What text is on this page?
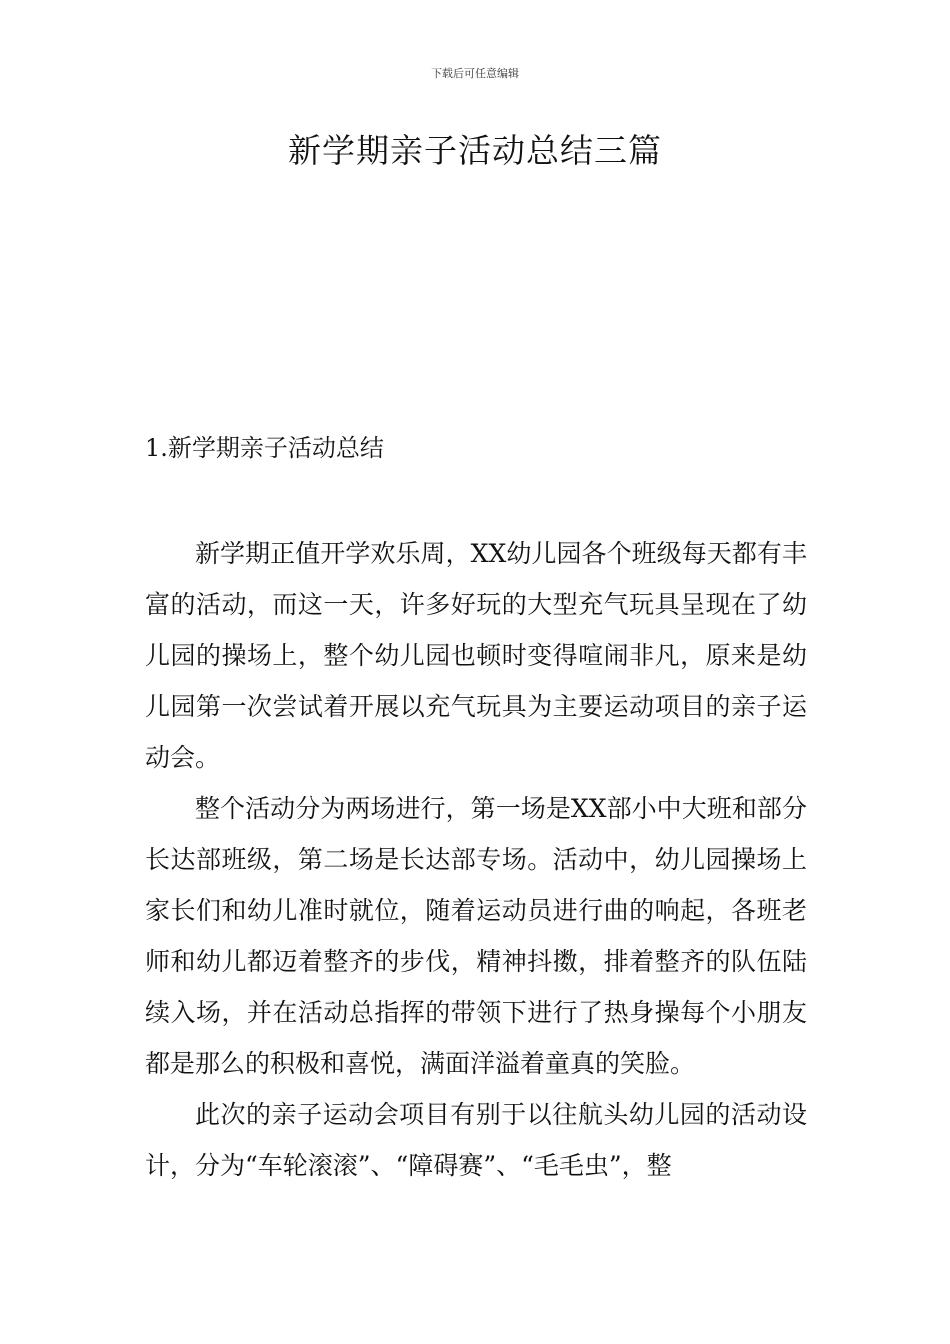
下载后可任意编辑
新学期亲子活动总结三篇
1.新学期亲子活动总结

新学期正值开学欢乐周，XX幼儿园各个班级每天都有丰富的活动，而这一天，许多好玩的大型充气玩具呈现在了幼儿园的操场上，整个幼儿园也顿时变得喧闹非凡，原来是幼儿园第一次尝试着开展以充气玩具为主要运动项目的亲子运动会。

整个活动分为两场进行，第一场是XX部小中大班和部分长达部班级，第二场是长达部专场。活动中，幼儿园操场上家长们和幼儿准时就位，随着运动员进行曲的响起，各班老师和幼儿都迈着整齐的步伐，精神抖擞，排着整齐的队伍陆续入场，并在活动总指挥的带领下进行了热身操每个小朋友都是那么的积极和喜悦，满面洋溢着童真的笑脸。

此次的亲子运动会项目有别于以往航头幼儿园的活动设计，分为“车轮滚滚”、“障碍赛”、“毛毛虫”，整
